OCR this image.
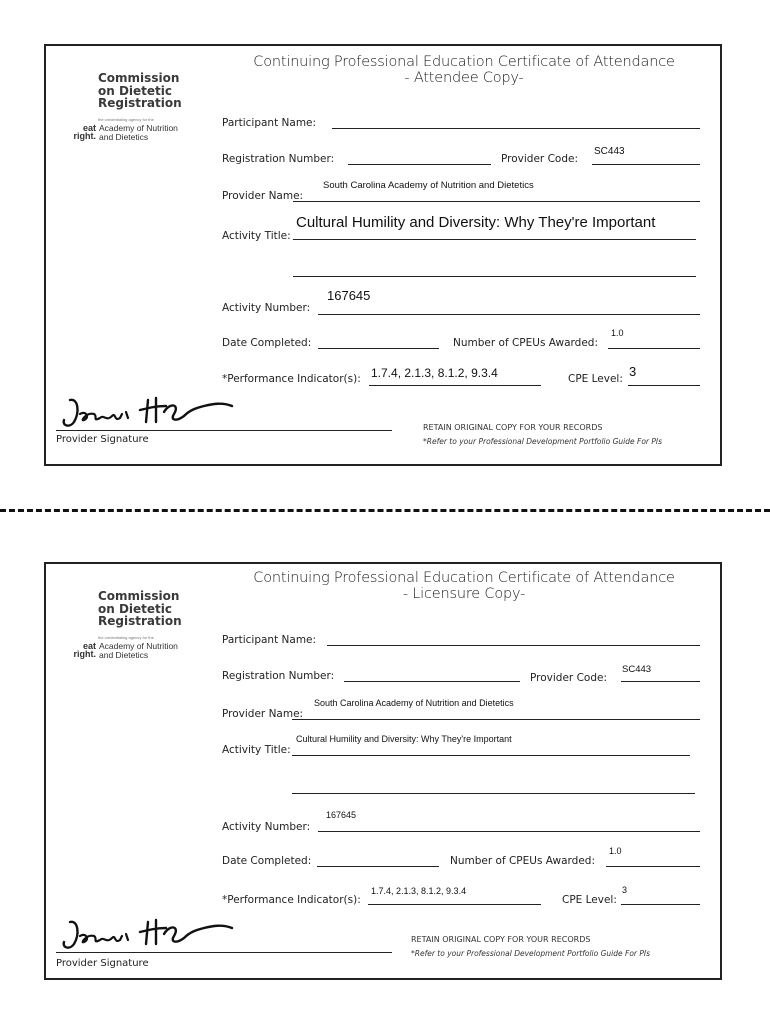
Commission
on Dietetic
Registration
the credentialing agency for the
eat
right.
Academy of Nutrition
and Dietetics
Continuing Professional Education Certificate of Attendance
- Attendee Copy-
Participant Name:
Registration Number:	Provider Code:
SC443
Provider Name:
South Carolina Academy of Nutrition and Dietetics
Activity Title:
Cultural Humility and Diversity: Why They're Important
Activity Number:
167645
Date Completed:	Number of CPEUs Awarded:
1.0
*Performance Indicator(s): 1.7.4, 2.1.3, 8.1.2, 9.3.4	CPE Level: 3
Provider Signature
RETAIN ORIGINAL COPY FOR YOUR RECORDS
*Refer to your Professional Development Portfolio Guide For PIs
Commission
on Dietetic
Registration
the credentialing agency for the
eat
right.
Academy of Nutrition
and Dietetics
Continuing Professional Education Certificate of Attendance
- Licensure Copy-
Participant Name:
Registration Number:	Provider Code:
SC443
Provider Name:
South Carolina Academy of Nutrition and Dietetics
Activity Title:
Cultural Humility and Diversity: Why They're Important
Activity Number:
167645
Date Completed:	Number of CPEUs Awarded:
1.0
*Performance Indicator(s):
1.7.4, 2.1.3, 8.1.2, 9.3.4
CPE Level:
3
Provider Signature
RETAIN ORIGINAL COPY FOR YOUR RECORDS
*Refer to your Professional Development Portfolio Guide For PIs
